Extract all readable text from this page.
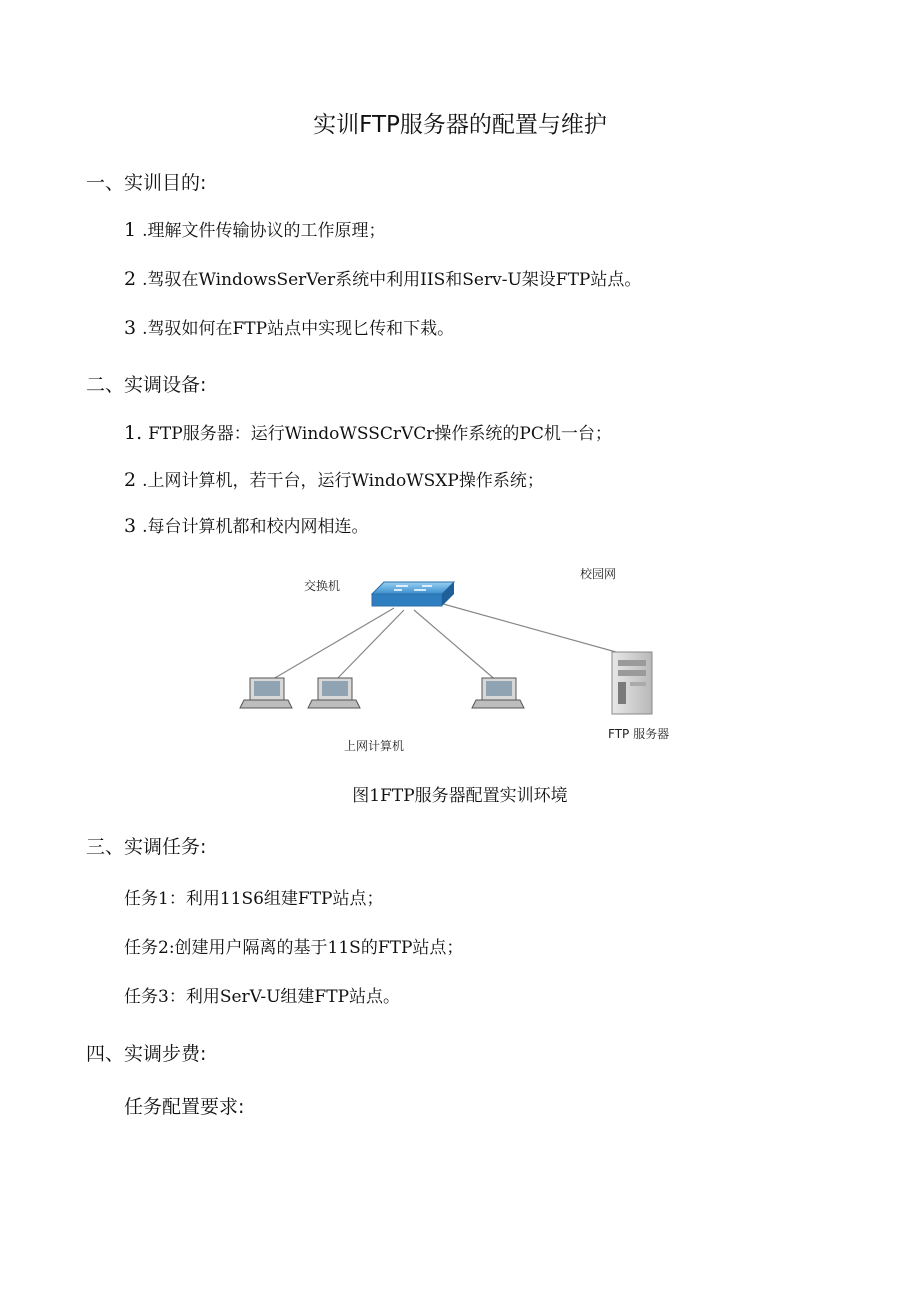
实训FTP服务器的配置与维护
一、实训目的:
1 .理解文件传输协议的工作原理；
2 .驾驭在WindowsSerVer系统中利用IIS和Serv-U架设FTP站点。
3 .驾驭如何在FTP站点中实现匕传和下栽。
二、实调设备:
1. FTP服务器：运行WindoWSSCrVCr操作系统的PC机一台；
2 .上网计算机，若干台，运行WindoWSXP操作系统；
3 .每台计算机都和校内网相连。
交换机
校园网
上网计算机
FTP 服务器
图1FTP服务器配置实训环境
三、实调任务:
任务1：利用11S6组建FTP站点；
任务2:创建用户隔离的基于11S的FTP站点；
任务3：利用SerV-U组建FTP站点。
四、实调步费:
任务配置要求:
